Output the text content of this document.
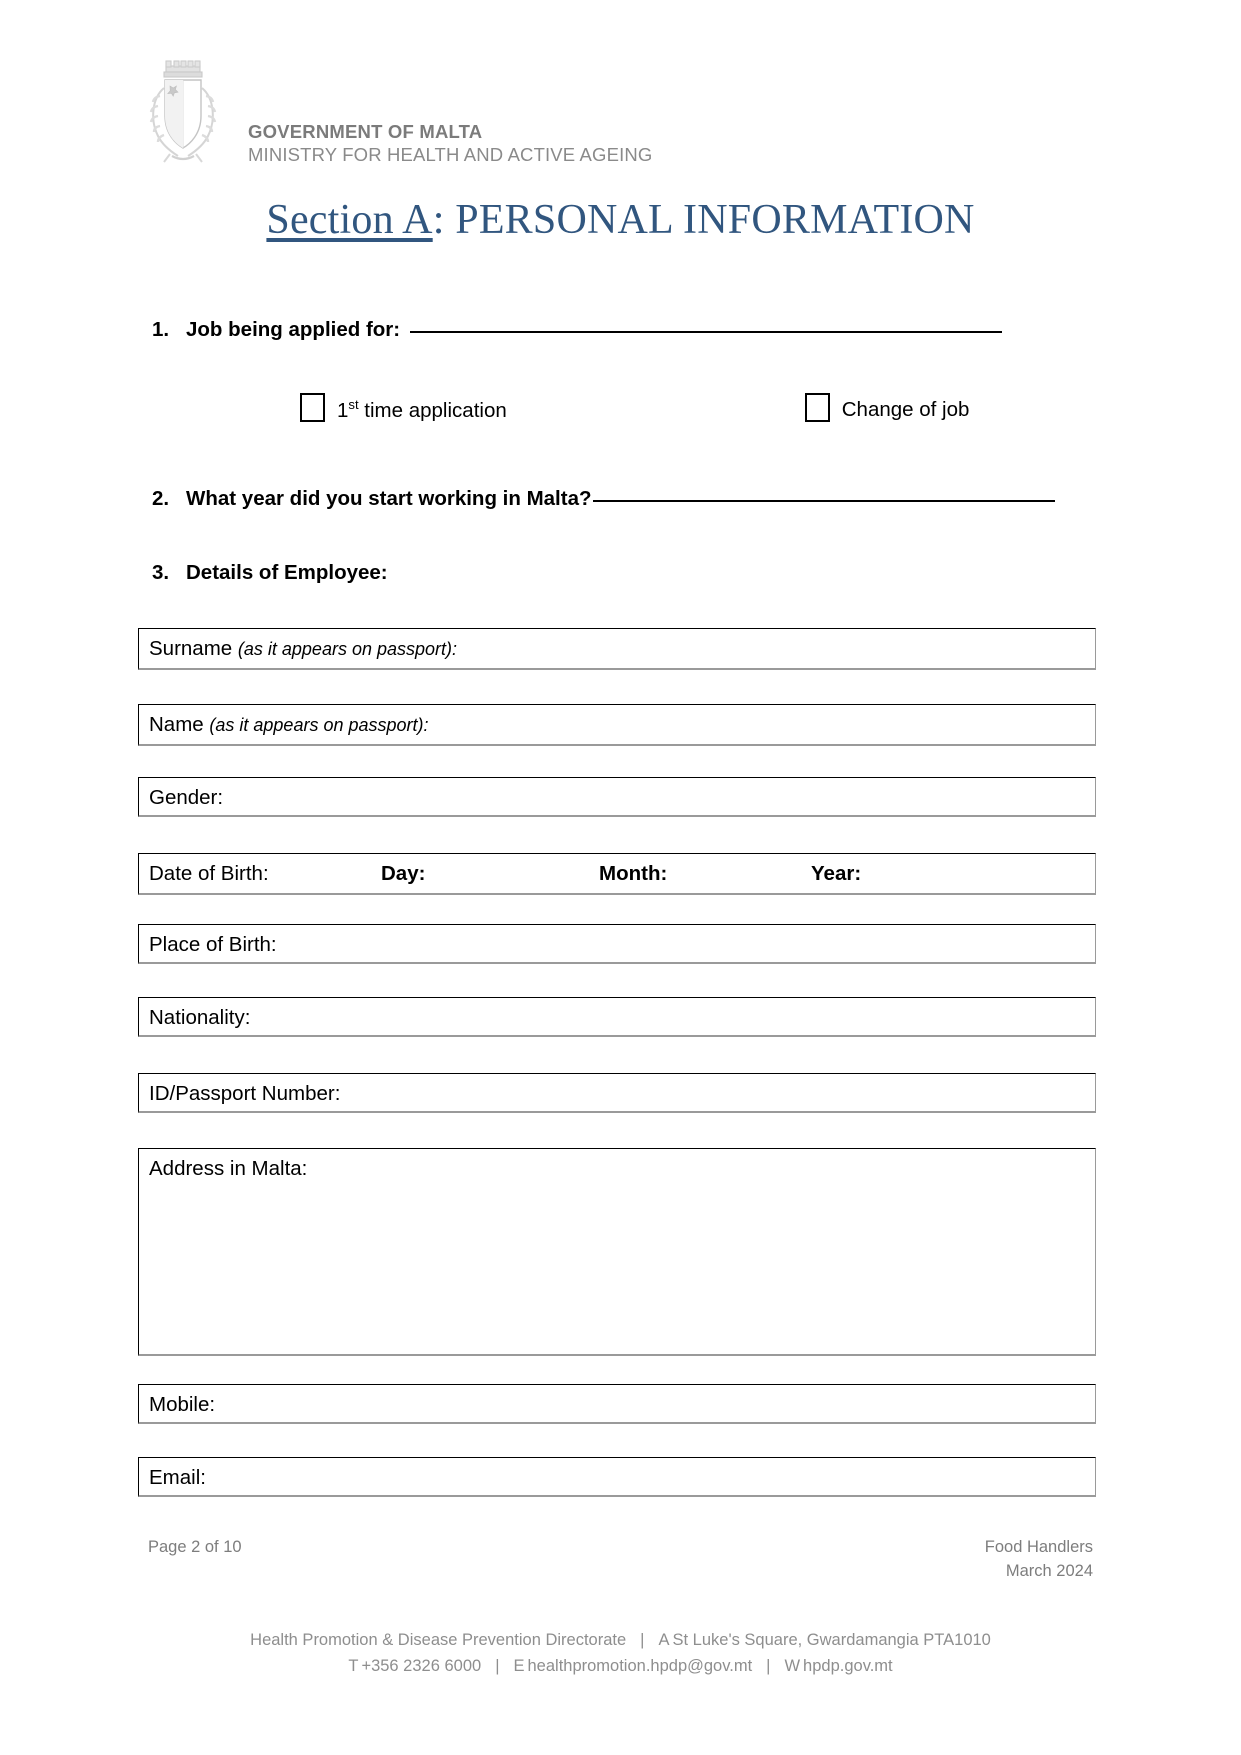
GOVERNMENT OF MALTA
MINISTRY FOR HEALTH AND ACTIVE AGEING
Section A: PERSONAL INFORMATION
1. Job being applied for:
1st time application	Change of job
2. What year did you start working in Malta?
3. Details of Employee:
Surname (as it appears on passport):
Name (as it appears on passport):
Gender:
Date of Birth:	Day:	Month:	Year:
Place of Birth:
Nationality:
ID/Passport Number:
Address in Malta:
Mobile:
Email:
Page 2 of 10	Food Handlers
March 2024
Health Promotion & Disease Prevention Directorate | A St Luke's Square, Gwardamangia PTA1010
T +356 2326 6000 | E healthpromotion.hpdp@gov.mt | W hpdp.gov.mt
